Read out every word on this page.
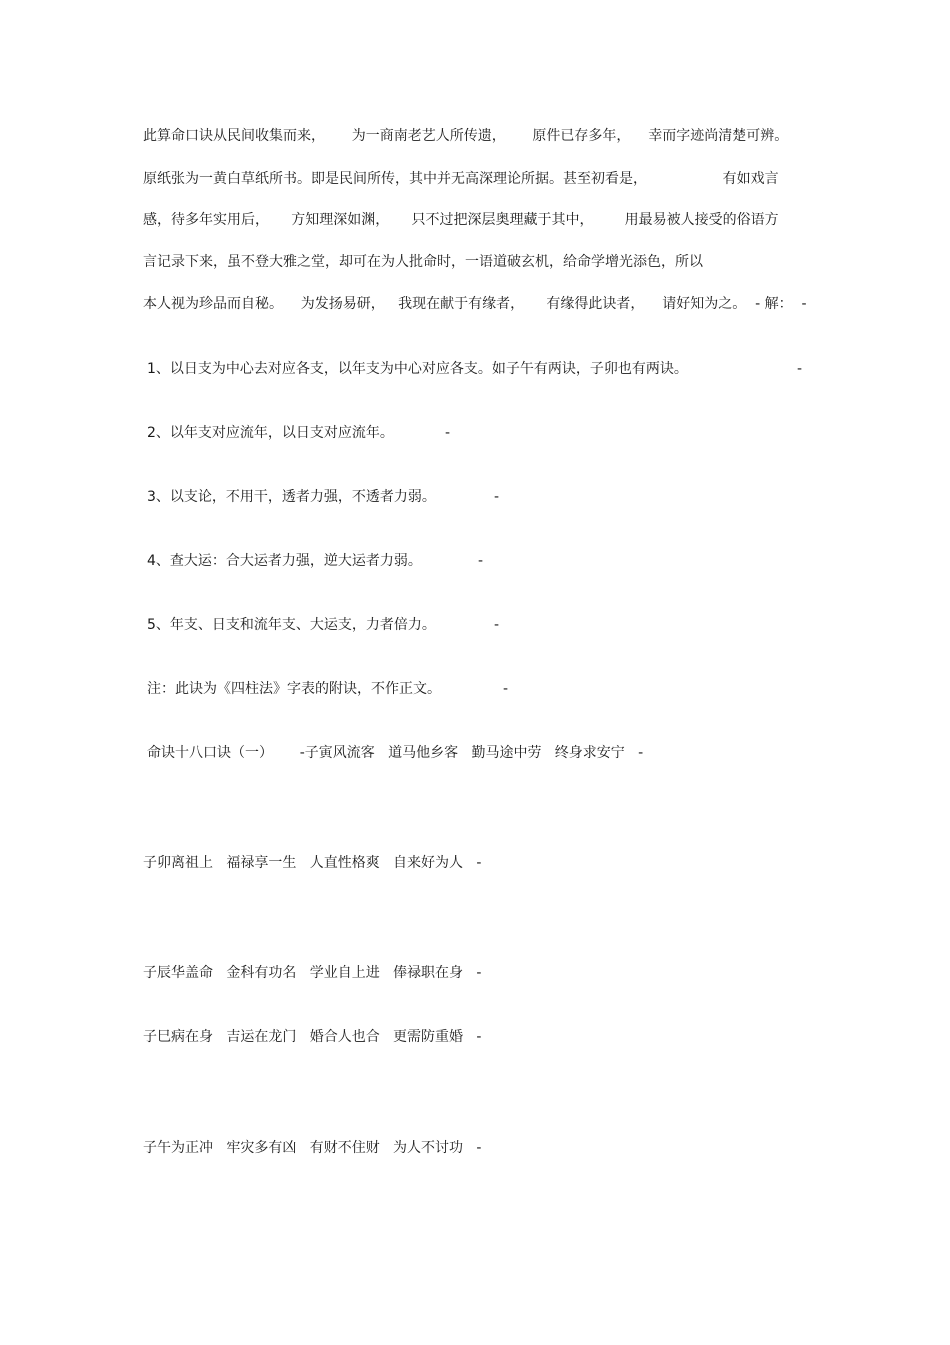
此算命口诀从民间收集而来，      为一商南老艺人所传遗，      原件已存多年，    幸而字迹尚清楚可辨。
原纸张为一黄白草纸所书。即是民间所传，其中并无高深理论所据。甚至初看是，                 有如戏言
感，待多年实用后，     方知理深如渊，     只不过把深层奥理藏于其中，       用最易被人接受的俗语方
言记录下来，虽不登大雅之堂，却可在为人批命时，一语道破玄机，给命学增光添色，所以
本人视为珍品而自秘。    为发扬易研，   我现在献于有缘者，     有缘得此诀者，    请好知为之。  - 解：  -
1、以日支为中心去对应各支，以年支为中心对应各支。如子午有两诀，子卯也有两诀。	-
2、以年支对应流年，以日支对应流年。	-
3、以支论，不用干，透者力强，不透者力弱。	-
4、查大运：合大运者力强，逆大运者力弱。	-
5、年支、日支和流年支、大运支，力者倍力。	-
注：此诀为《四柱法》字表的附诀，不作正文。	-
命诀十八口诀（一）      -子寅风流客   道马他乡客   勤马途中劳   终身求安宁   -
子卯离祖上   福禄享一生   人直性格爽   自来好为人   -
子辰华盖命   金科有功名   学业自上进   俸禄职在身   -
子巳病在身   吉运在龙门   婚合人也合   更需防重婚   -
子午为正冲   牢灾多有凶   有财不住财   为人不讨功   -
